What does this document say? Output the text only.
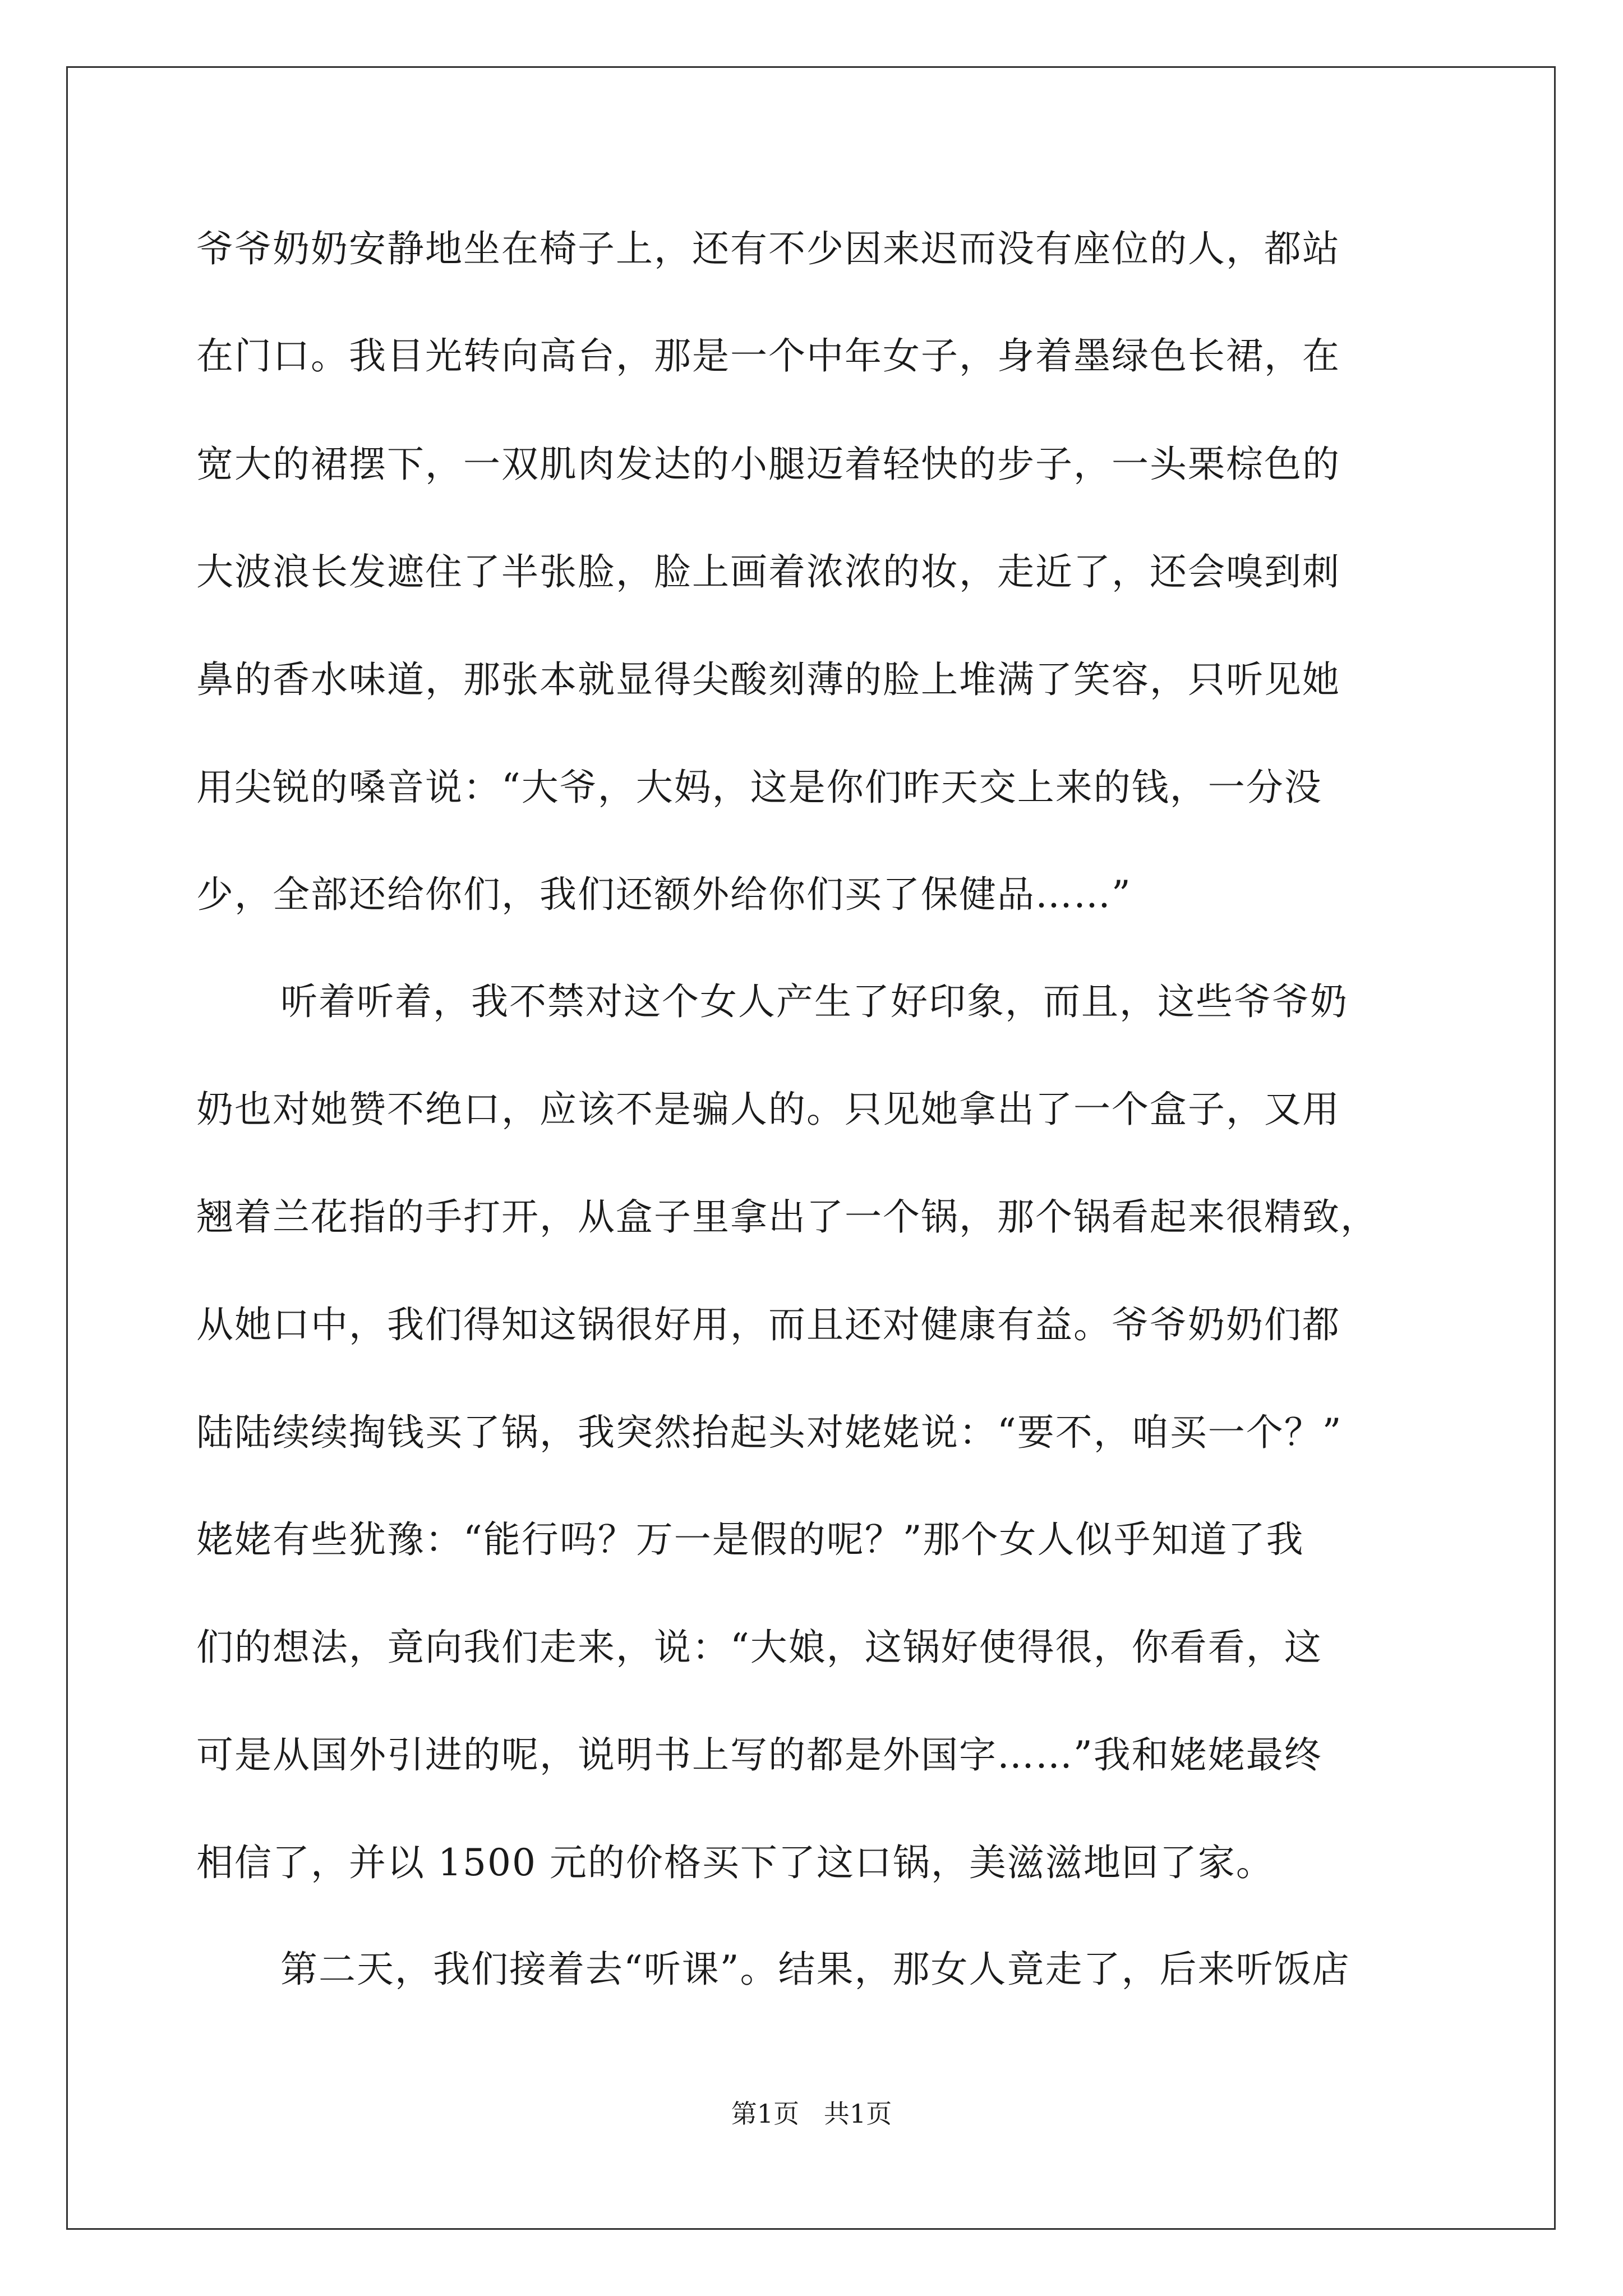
爷爷奶奶安静地坐在椅子上，还有不少因来迟而没有座位的人，都站
在门口。我目光转向高台，那是一个中年女子，身着墨绿色长裙，在
宽大的裙摆下，一双肌肉发达的小腿迈着轻快的步子，一头栗棕色的
大波浪长发遮住了半张脸，脸上画着浓浓的妆，走近了，还会嗅到刺
鼻的香水味道，那张本就显得尖酸刻薄的脸上堆满了笑容，只听见她
用尖锐的嗓音说：“大爷，大妈，这是你们昨天交上来的钱，一分没
少，全部还给你们，我们还额外给你们买了保健品……”
听着听着，我不禁对这个女人产生了好印象，而且，这些爷爷奶
奶也对她赞不绝口，应该不是骗人的。只见她拿出了一个盒子，又用
翘着兰花指的手打开，从盒子里拿出了一个锅，那个锅看起来很精致，
从她口中，我们得知这锅很好用，而且还对健康有益。爷爷奶奶们都
陆陆续续掏钱买了锅，我突然抬起头对姥姥说：“要不，咱买一个？”
姥姥有些犹豫：“能行吗？万一是假的呢？”那个女人似乎知道了我
们的想法，竟向我们走来，说：“大娘，这锅好使得很，你看看，这
可是从国外引进的呢，说明书上写的都是外国字……”我和姥姥最终
相信了，并以 1500 元的价格买下了这口锅，美滋滋地回了家。
第二天，我们接着去“听课”。结果，那女人竟走了，后来听饭店
第1页   共1页
